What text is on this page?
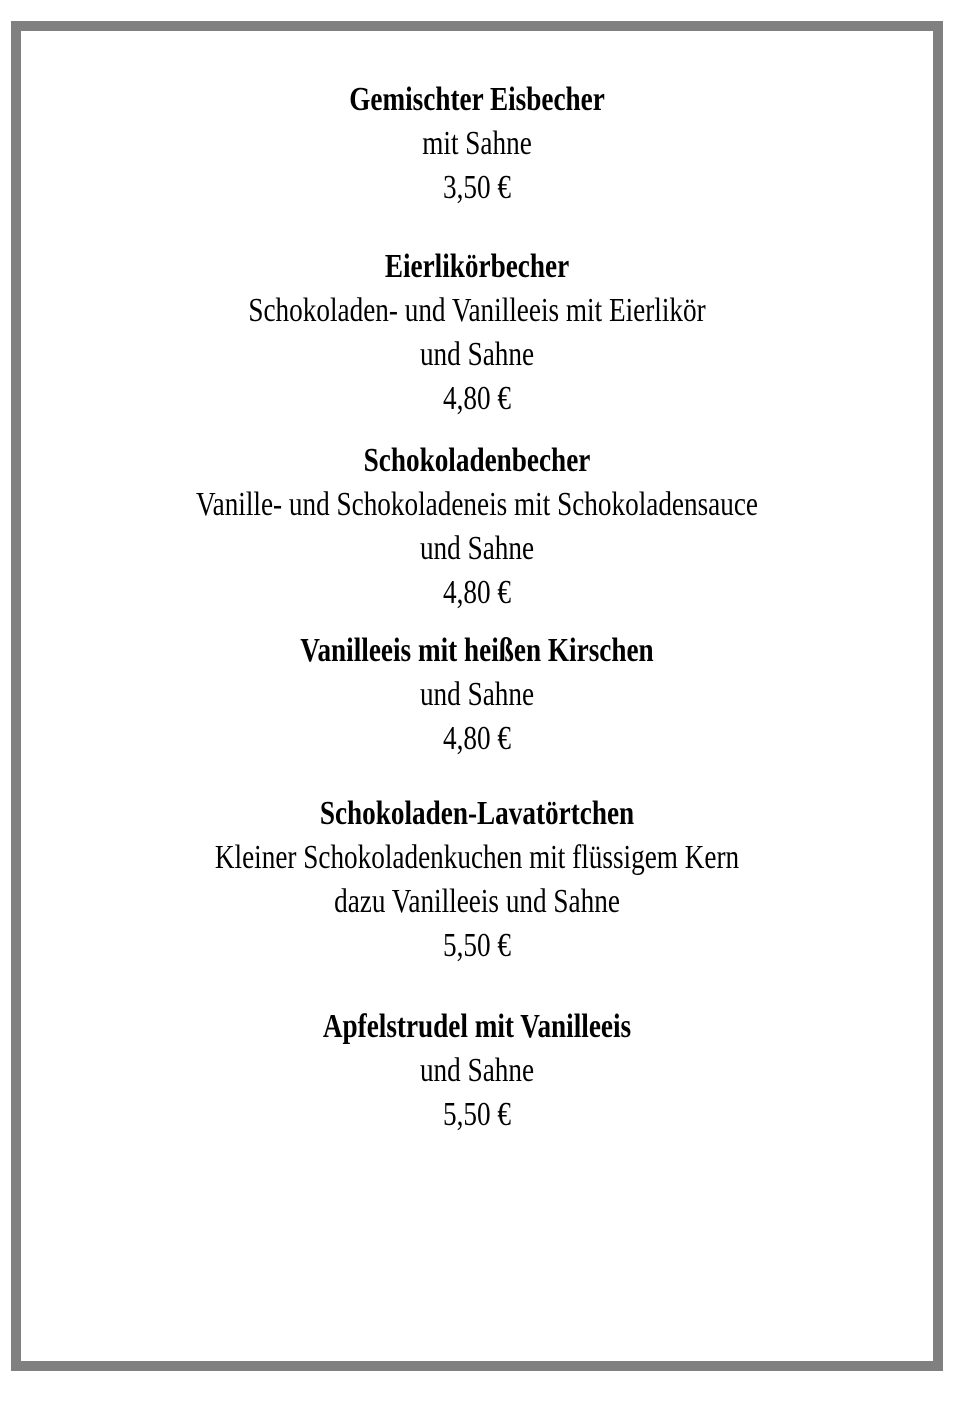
Gemischter Eisbecher
mit Sahne
3,50 €
Eierlikörbecher
Schokoladen- und Vanilleeis mit Eierlikör
und Sahne
4,80 €
Schokoladenbecher
Vanille- und Schokoladeneis mit Schokoladensauce
und Sahne
4,80 €
Vanilleeis mit heißen Kirschen
und Sahne
4,80 €
Schokoladen-Lavatörtchen
Kleiner Schokoladenkuchen mit flüssigem Kern
dazu Vanilleeis und Sahne
5,50 €
Apfelstrudel mit Vanilleeis
und Sahne
5,50 €
